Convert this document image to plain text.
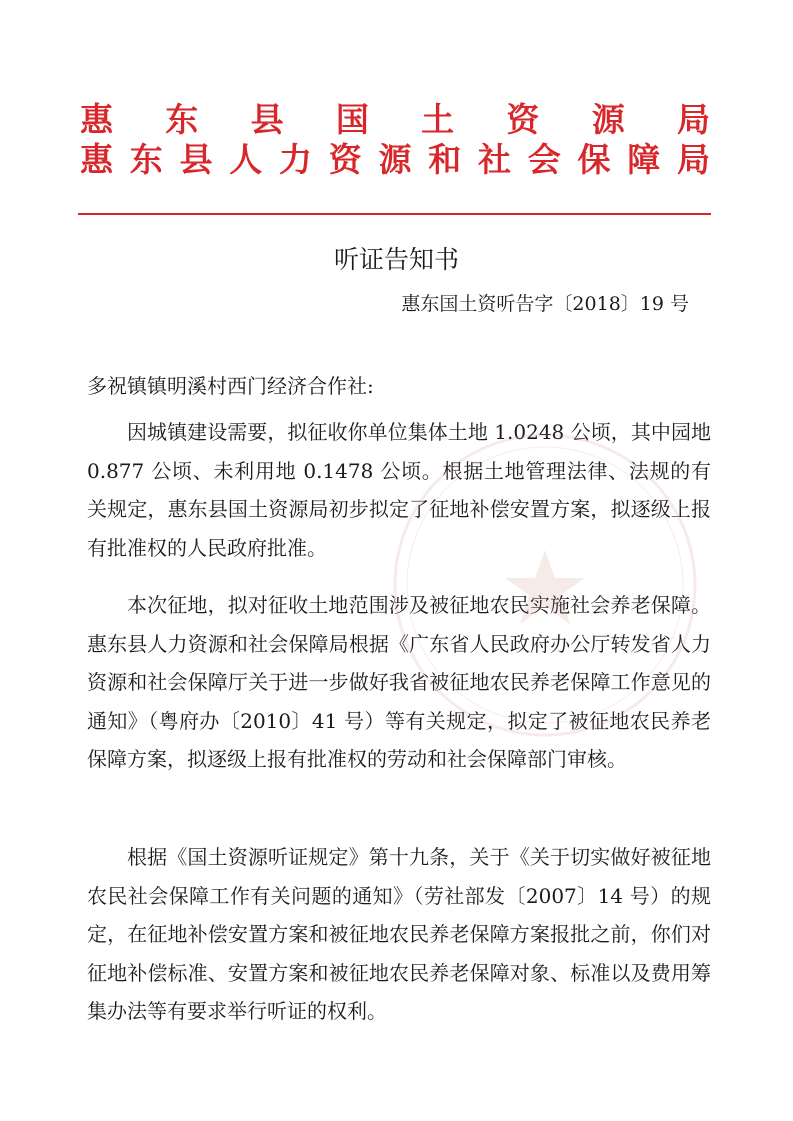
惠 东 县 国 土 资 源 局
惠 东 县 人 力 资 源 和 社 会 保 障 局
听证告知书
惠东国土资听告字〔2018〕19 号
多祝镇镇明溪村西门经济合作社:
因城镇建设需要，拟征收你单位集体土地 1.0248 公顷，其中园地 0.877 公顷、未利用地 0.1478 公顷。根据土地管理法律、法规的有关规定，惠东县国土资源局初步拟定了征地补偿安置方案，拟逐级上报有批准权的人民政府批准。
本次征地，拟对征收土地范围涉及被征地农民实施社会养老保障。惠东县人力资源和社会保障局根据《广东省人民政府办公厅转发省人力资源和社会保障厅关于进一步做好我省被征地农民养老保障工作意见的通知》（粤府办〔2010〕41 号）等有关规定，拟定了被征地农民养老保障方案，拟逐级上报有批准权的劳动和社会保障部门审核。
根据《国土资源听证规定》第十九条，关于《关于切实做好被征地农民社会保障工作有关问题的通知》（劳社部发〔2007〕14 号）的规定，在征地补偿安置方案和被征地农民养老保障方案报批之前，你们对征地补偿标准、安置方案和被征地农民养老保障对象、标准以及费用筹集办法等有要求举行听证的权利。
